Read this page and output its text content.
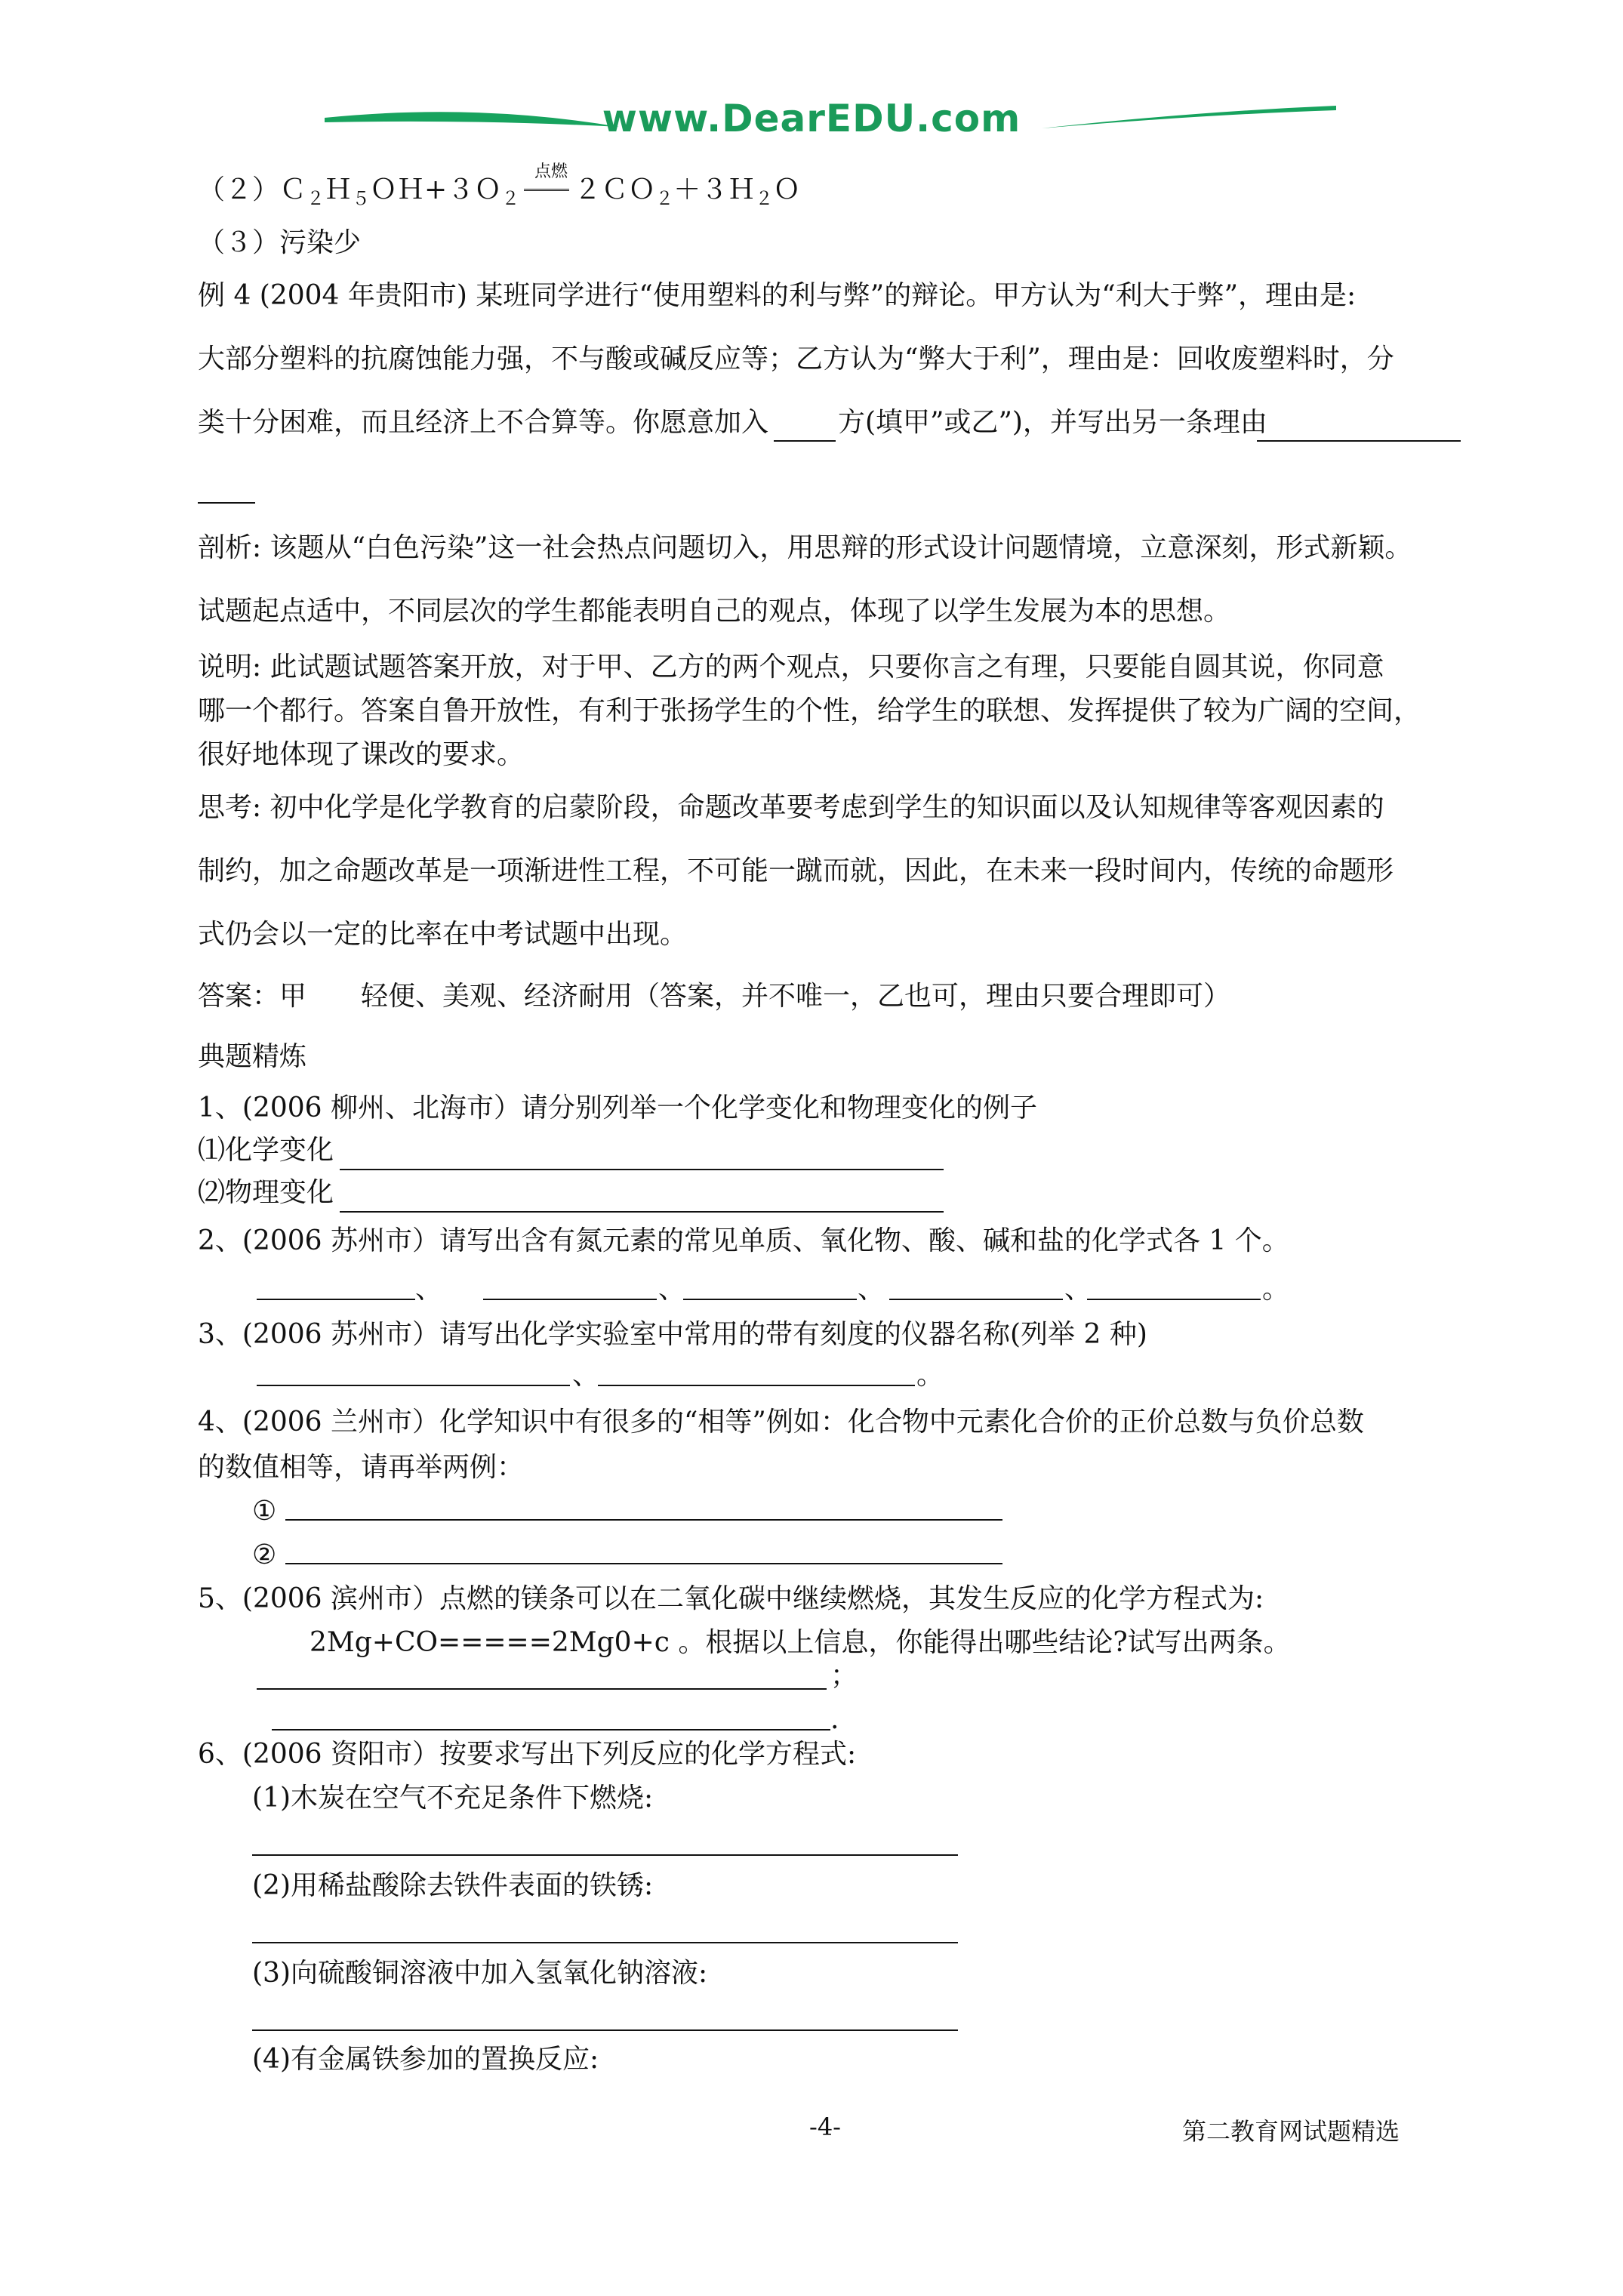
www.DearEDU.com
（２）Ｃ$_2$Ｈ$_5$ＯＨ+３Ｏ$_2$ ２ＣＯ$_2$＋３Ｈ$_2$Ｏ
点燃
（３）污染少
例 4 (2004 年贵阳市) 某班同学进行“使用塑料的利与弊”的辩论。甲方认为“利大于弊”，理由是:
大部分塑料的抗腐蚀能力强，不与酸或碱反应等；乙方认为“弊大于利”，理由是：回收废塑料时，分
类十分困难，而且经济上不合算等。你愿意加入	方(填甲”或乙”)，并写出另一条理由
剖析: 该题从“白色污染”这一社会热点问题切入，用思辩的形式设计问题情境，立意深刻，形式新颖。
试题起点适中，不同层次的学生都能表明自己的观点，体现了以学生发展为本的思想。
说明: 此试题试题答案开放，对于甲、乙方的两个观点，只要你言之有理，只要能自圆其说，你同意
哪一个都行。答案自鲁开放性，有利于张扬学生的个性，给学生的联想、发挥提供了较为广阔的空间，
很好地体现了课改的要求。
思考: 初中化学是化学教育的启蒙阶段，命题改革要考虑到学生的知识面以及认知规律等客观因素的
制约，加之命题改革是一项渐进性工程，不可能一蹴而就，因此，在未来一段时间内，传统的命题形
式仍会以一定的比率在中考试题中出现。
答案：甲　　轻便、美观、经济耐用（答案，并不唯一，乙也可，理由只要合理即可）
典题精炼
1、(2006 柳州、北海市）请分别列举一个化学变化和物理变化的例子
⑴化学变化
⑵物理变化
2、(2006 苏州市）请写出含有氮元素的常见单质、氧化物、酸、碱和盐的化学式各 1 个。
、	、	、	、	。
3、(2006 苏州市）请写出化学实验室中常用的带有刻度的仪器名称(列举 2 种)
、	。
4、(2006 兰州市）化学知识中有很多的“相等”例如：化合物中元素化合价的正价总数与负价总数
的数值相等，请再举两例：
①
②
5、(2006 滨州市）点燃的镁条可以在二氧化碳中继续燃烧，其发生反应的化学方程式为:
2Mg+CO=====2Mg0+c 。根据以上信息，你能得出哪些结论?试写出两条。
；
.
6、(2006 资阳市）按要求写出下列反应的化学方程式:
(1)木炭在空气不充足条件下燃烧:
(2)用稀盐酸除去铁件表面的铁锈:
(3)向硫酸铜溶液中加入氢氧化钠溶液:
(4)有金属铁参加的置换反应:
-4-	第二教育网试题精选
